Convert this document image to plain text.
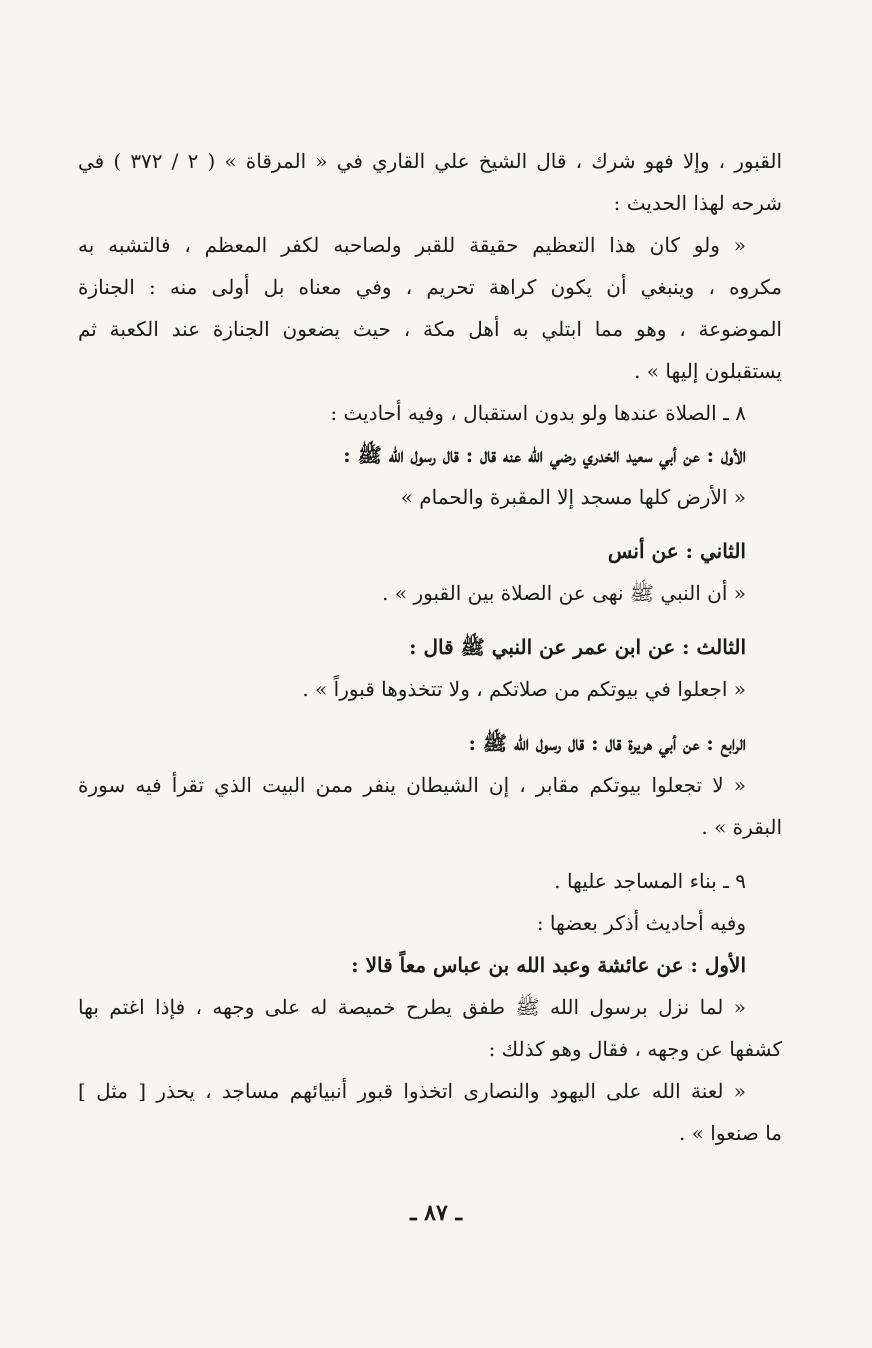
القبور ، وإلا فهو شرك ، قال الشيخ علي القاري في « المرقاة » ( ٢ / ٣٧٢ ) في
شرحه لهذا الحديث :
« ولو كان هذا التعظيم حقيقة للقبر ولصاحبه لكفر المعظم ، فالتشبه به
مكروه ، وينبغي أن يكون كراهة تحريم ، وفي معناه بل أولى منه : الجنازة
الموضوعة ، وهو مما ابتلي به أهل مكة ، حيث يضعون الجنازة عند الكعبة ثم
يستقبلون إليها » .
٨ ـ الصلاة عندها ولو بدون استقبال ، وفيه أحاديث :
الأول : عن أبي سعيد الخدري رضي الله عنه قال : قال رسول الله ﷺ :
« الأرض كلها مسجد إلا المقبرة والحمام »
الثاني : عن أنس
« أن النبي ﷺ نهى عن الصلاة بين القبور » .
الثالث : عن ابن عمر عن النبي ﷺ قال :
« اجعلوا في بيوتكم من صلاتكم ، ولا تتخذوها قبوراً » .
الرابع : عن أبي هريرة قال : قال رسول الله ﷺ :
« لا تجعلوا بيوتكم مقابر ، إن الشيطان ينفر ممن البيت الذي تقرأ فيه سورة
البقرة » .
٩ ـ بناء المساجد عليها .
وفيه أحاديث أذكر بعضها :
الأول : عن عائشة وعبد الله بن عباس معاً قالا :
« لما نزل برسول الله ﷺ طفق يطرح خميصة له على وجهه ، فإذا اغتم بها
كشفها عن وجهه ، فقال وهو كذلك :
« لعنة الله على اليهود والنصارى اتخذوا قبور أنبيائهم مساجد ، يحذر [ مثل ]
ما صنعوا » .
ـ ٨٧ ـ
